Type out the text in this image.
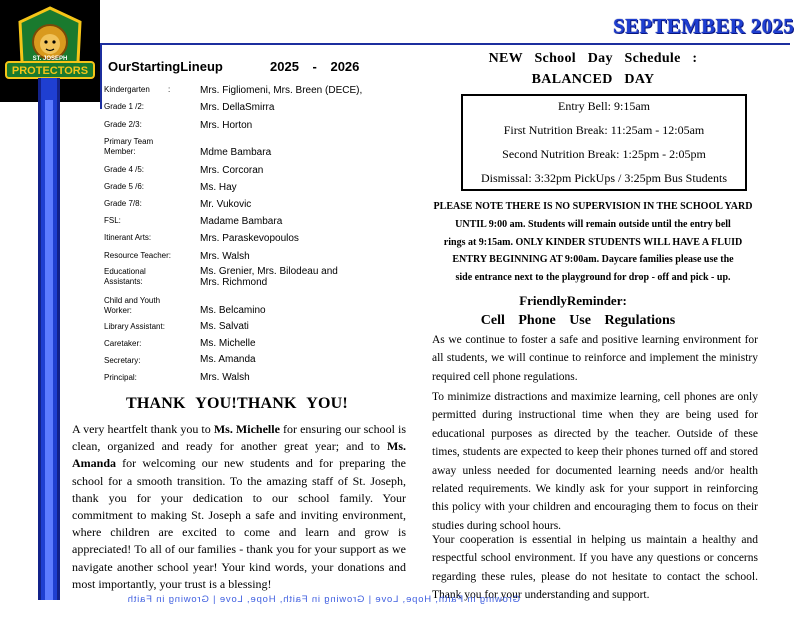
PROTECTORS
ST. JOSEPH
SEPTEMBER 2025
OurStartingLineup	2025 - 2026
Kindergarten	:	Mrs. Figliomeni, Mrs. Breen (DECE),
Grade 1 /2:	Mrs. DellaSmirra
Grade 2/3:	Mrs. Horton
Primary Team Member:	Mdme Bambara
Grade 4 /5:	Mrs. Corcoran
Grade 5 /6:	Ms. Hay
Grade 7/8:	Mr. Vukovic
FSL:	Madame Bambara
Itinerant Arts:	Mrs. Paraskevopoulos
Resource Teacher:	Mrs. Walsh
Educational Assistants:
Ms. Grenier, Mrs. Bilodeau and Mrs. Richmond
Child and Youth Worker:	Ms. Belcamino
Library Assistant:	Ms. Salvati
Caretaker:	Ms. Michelle
Secretary:	Ms. Amanda
Principal:	Mrs. Walsh
THANK YOU!THANK YOU!
A very heartfelt thank you to Ms. Michelle for ensuring our school is clean, organized and ready for another great year; and to Ms. Amanda for welcoming our new students and for preparing the school for a smooth transition. To the amazing staff of St. Joseph, thank you for your dedication to our school family. Your commitment to making St. Joseph a safe and inviting environment, where children are excited to come and learn and grow is appreciated! To all of our families - thank you for your support as we navigate another school year! Your kind words, your donations and most importantly, your trust is a blessing!
NEW School Day Schedule :
BALANCED DAY
Entry Bell: 9:15am
First Nutrition Break: 11:25am - 12:05am
Second Nutrition Break: 1:25pm - 2:05pm
Dismissal: 3:32pm PickUps / 3:25pm Bus Students
PLEASE NOTE THERE IS NO SUPERVISION IN THE SCHOOL YARD
UNTIL 9:00 am. Students will remain outside until the entry bell
rings at 9:15am. ONLY KINDER STUDENTS WILL HAVE A FLUID
ENTRY BEGINNING AT 9:00am. Daycare families please use the
side entrance next to the playground for drop - off and pick - up.
FriendlyReminder:
Cell Phone Use Regulations
As we continue to foster a safe and positive learning environment for all students, we will continue to reinforce and implement the ministry required cell phone regulations.
To minimize distractions and maximize learning, cell phones are only permitted during instructional time when they are being used for educational purposes as directed by the teacher. Outside of these times, students are expected to keep their phones turned off and stored away unless needed for documented learning needs and/or health related requirements. We kindly ask for your support in reinforcing this policy with your children and encouraging them to focus on their studies during school hours.
Your cooperation is essential in helping us maintain a healthy and respectful school environment. If you have any questions or concerns regarding these rules, please do not hesitate to contact the school. Thank you for your understanding and support.
Growing in Faith, Hope, Love | Growing in Faith, Hope, Love | Growing in Faith
